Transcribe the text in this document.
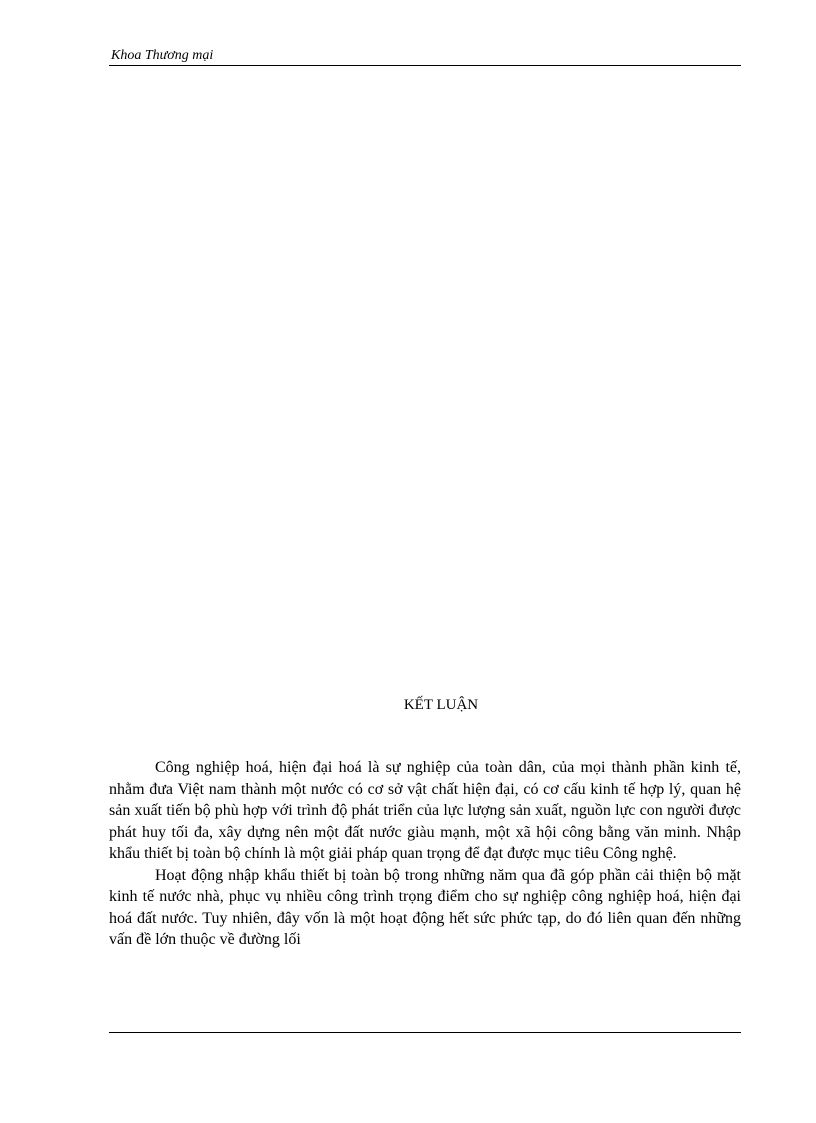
Khoa Thương mại
KẾT LUẬN

Công nghiệp hoá, hiện đại hoá là sự nghiệp của toàn dân, của mọi thành phần kinh tế, nhằm đưa Việt nam thành một nước có cơ sở vật chất hiện đại, có cơ cấu kinh tế hợp lý, quan hệ sản xuất tiến bộ phù hợp với trình độ phát triển của lực lượng sản xuất, nguồn lực con người được phát huy tối đa, xây dựng nên một đất nước giàu mạnh, một xã hội công bằng văn minh. Nhập khẩu thiết bị toàn bộ chính là một giải pháp quan trọng để đạt được mục tiêu Công nghệ.

Hoạt động nhập khẩu thiết bị toàn bộ trong những năm qua đã góp phần cải thiện bộ mặt kinh tế nước nhà, phục vụ nhiều công trình trọng điểm cho sự nghiệp công nghiệp hoá, hiện đại hoá đất nước. Tuy nhiên, đây vốn là một hoạt động hết sức phức tạp, do đó liên quan đến những vấn đề lớn thuộc về đường lối
